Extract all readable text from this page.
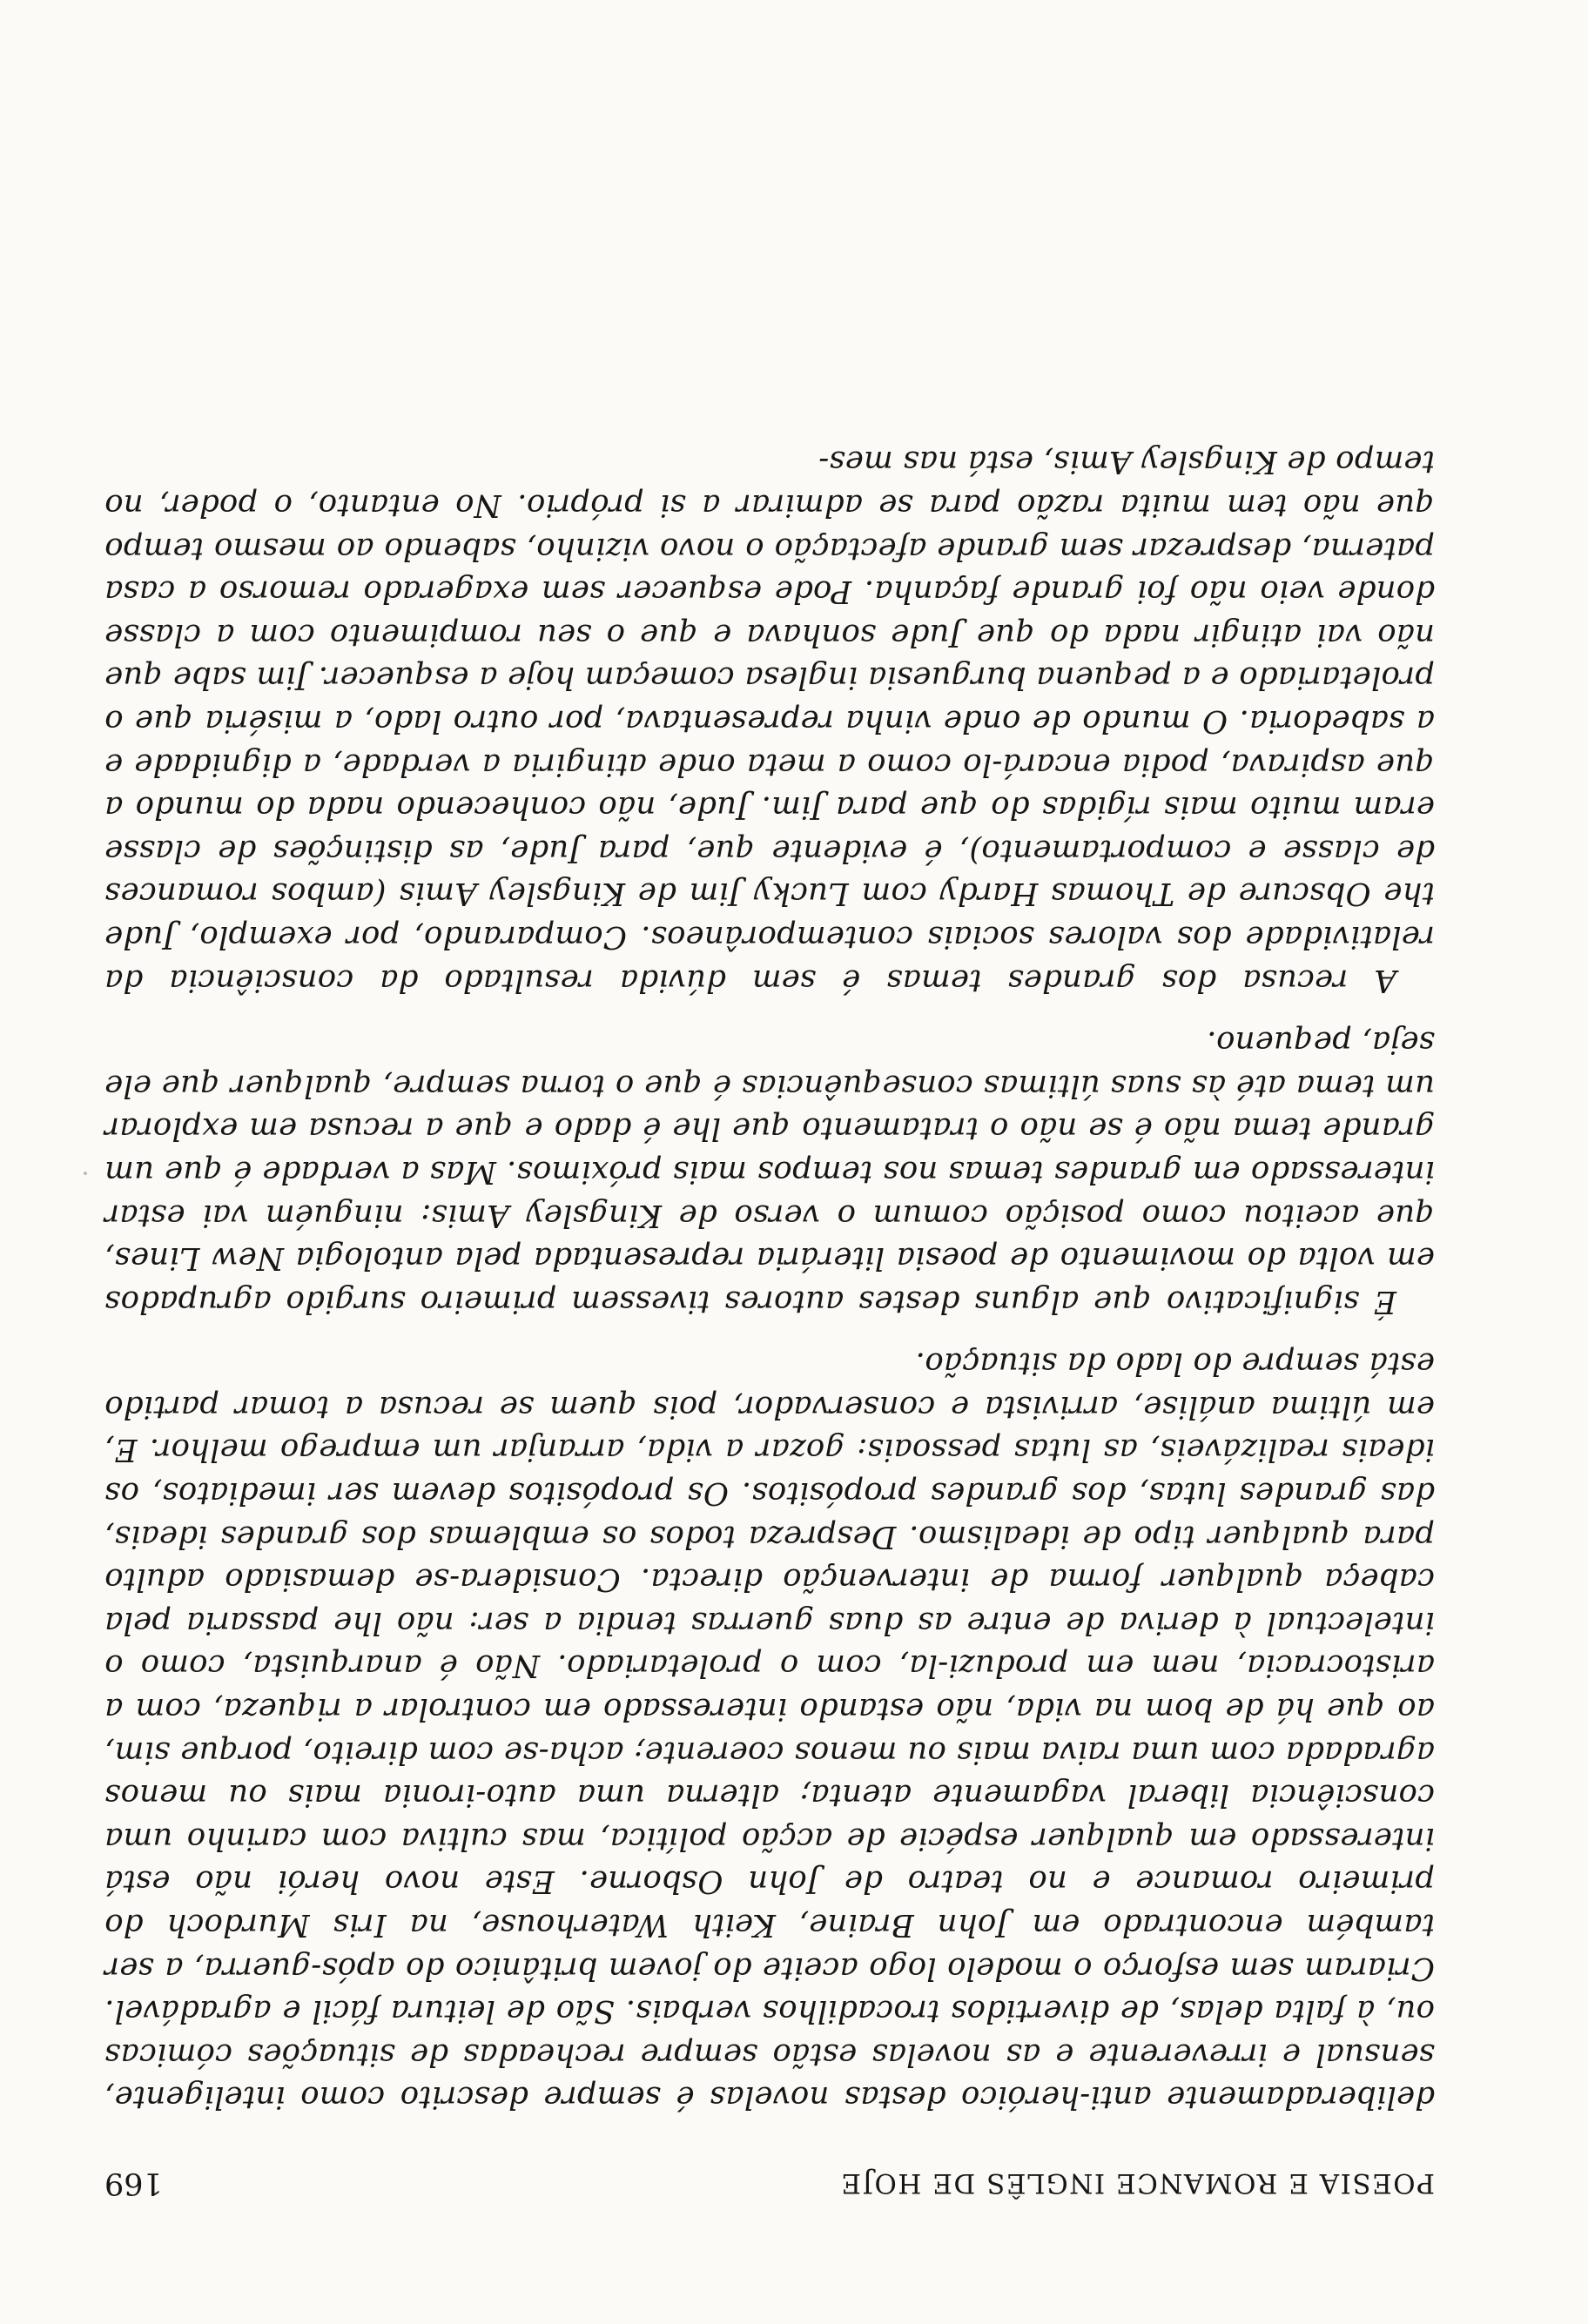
POESIA E ROMANCE INGLÊS DE HOJE
169

deliberadamente anti-heróico destas novelas é sempre descrito como inteligente, sensual e irreverente e as novelas estão sempre recheadas de situações cómicas ou, à falta delas, de divertidos trocadilhos verbais. São de leitura fácil e agradável. Criaram sem esforço o modelo logo aceite do jovem britânico do após-guerra, a ser também encontrado em John Braine, Keith Waterhouse, na Iris Murdoch do primeiro romance e no teatro de John Osborne. Este novo herói não está interessado em qualquer espécie de acção política, mas cultiva com carinho uma consciência liberal vagamente atenta; alterna uma auto-ironia mais ou menos agradada com uma raiva mais ou menos coerente; acha-se com direito, porque sim, ao que há de bom na vida, não estando interessado em controlar a riqueza, com a aristocracia, nem em produzi-la, com o proletariado. Não é anarquista, como o intelectual à deriva de entre as duas guerras tendia a ser: não lhe passaria pela cabeça qualquer forma de intervenção directa. Considera-se demasiado adulto para qualquer tipo de idealismo. Despreza todos os emblemas dos grandes ideais, das grandes lutas, dos grandes propósitos. Os propósitos devem ser imediatos, os ideais realizáveis, as lutas pessoais: gozar a vida, arranjar um emprego melhor. E, em última análise, arrivista e conservador, pois quem se recusa a tomar partido está sempre do lado da situação.

É significativo que alguns destes autores tivessem primeiro surgido agrupados em volta do movimento de poesia literária representada pela antologia New Lines, que aceitou como posição comum o verso de Kingsley Amis: ninguém vai estar interessado em grandes temas nos tempos mais próximos. Mas a verdade é que um grande tema não é se não o tratamento que lhe é dado e que a recusa em explorar um tema até às suas últimas consequências é que o torna sempre, qualquer que ele seja, pequeno.

A recusa dos grandes temas é sem dúvida resultado da consciência da relatividade dos valores sociais contemporâneos. Comparando, por exemplo, Jude the Obscure de Thomas Hardy com Lucky Jim de Kingsley Amis (ambos romances de classe e comportamento), é evidente que, para Jude, as distinções de classe eram muito mais rígidas do que para Jim. Jude, não conhecendo nada do mundo a que aspirava, podia encará-lo como a meta onde atingiria a verdade, a dignidade e a sabedoria. O mundo de onde vinha representava, por outro lado, a miséria que o proletariado e a pequena burguesia inglesa começam hoje a esquecer. Jim sabe que não vai atingir nada do que Jude sonhava e que o seu rompimento com a classe donde veio não foi grande façanha. Pode esquecer sem exagerado remorso a casa paterna, desprezar sem grande afectação o novo vizinho, sabendo ao mesmo tempo que não tem muita razão para se admirar a si próprio. No entanto, o poder, no tempo de Kingsley Amis, está nas mes-
